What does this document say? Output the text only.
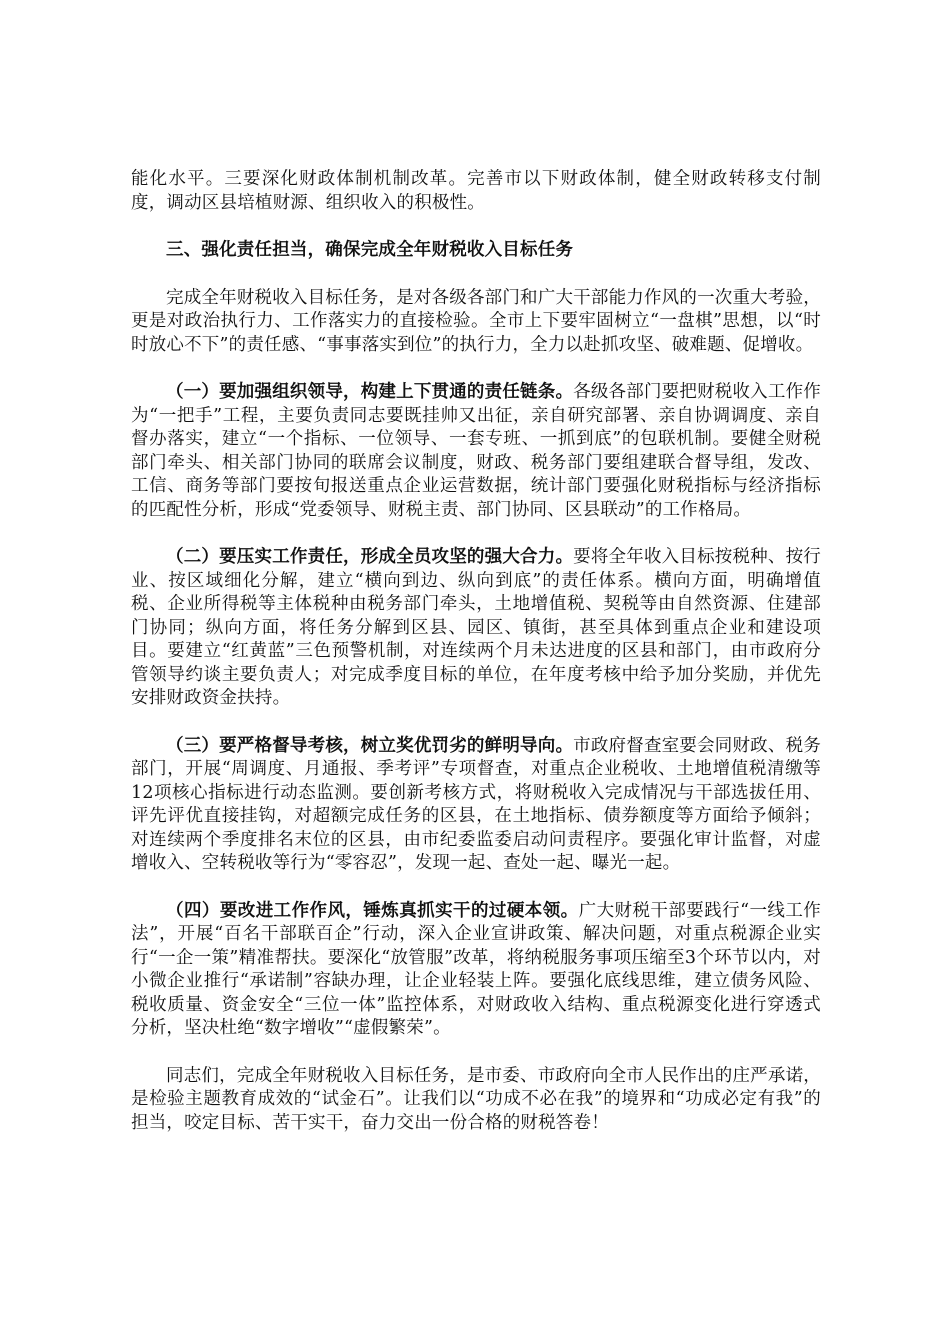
能化水平。三要深化财政体制机制改革。完善市以下财政体制，健全财政转移支付制度，调动区县培植财源、组织收入的积极性。

三、强化责任担当，确保完成全年财税收入目标任务

完成全年财税收入目标任务，是对各级各部门和广大干部能力作风的一次重大考验，更是对政治执行力、工作落实力的直接检验。全市上下要牢固树立“一盘棋”思想，以“时时放心不下”的责任感、“事事落实到位”的执行力，全力以赴抓攻坚、破难题、促增收。

（一）要加强组织领导，构建上下贯通的责任链条。各级各部门要把财税收入工作作为“一把手”工程，主要负责同志要既挂帅又出征，亲自研究部署、亲自协调调度、亲自督办落实，建立“一个指标、一位领导、一套专班、一抓到底”的包联机制。要健全财税部门牵头、相关部门协同的联席会议制度，财政、税务部门要组建联合督导组，发改、工信、商务等部门要按旬报送重点企业运营数据，统计部门要强化财税指标与经济指标的匹配性分析，形成“党委领导、财税主责、部门协同、区县联动”的工作格局。

（二）要压实工作责任，形成全员攻坚的强大合力。要将全年收入目标按税种、按行业、按区域细化分解，建立“横向到边、纵向到底”的责任体系。横向方面，明确增值税、企业所得税等主体税种由税务部门牵头，土地增值税、契税等由自然资源、住建部门协同；纵向方面，将任务分解到区县、园区、镇街，甚至具体到重点企业和建设项目。要建立“红黄蓝”三色预警机制，对连续两个月未达进度的区县和部门，由市政府分管领导约谈主要负责人；对完成季度目标的单位，在年度考核中给予加分奖励，并优先安排财政资金扶持。

（三）要严格督导考核，树立奖优罚劣的鲜明导向。市政府督查室要会同财政、税务部门，开展“周调度、月通报、季考评”专项督查，对重点企业税收、土地增值税清缴等12项核心指标进行动态监测。要创新考核方式，将财税收入完成情况与干部选拔任用、评先评优直接挂钩，对超额完成任务的区县，在土地指标、债券额度等方面给予倾斜；对连续两个季度排名末位的区县，由市纪委监委启动问责程序。要强化审计监督，对虚增收入、空转税收等行为“零容忍”，发现一起、查处一起、曝光一起。

（四）要改进工作作风，锤炼真抓实干的过硬本领。广大财税干部要践行“一线工作法”，开展“百名干部联百企”行动，深入企业宣讲政策、解决问题，对重点税源企业实行“一企一策”精准帮扶。要深化“放管服”改革，将纳税服务事项压缩至3个环节以内，对小微企业推行“承诺制”容缺办理，让企业轻装上阵。要强化底线思维，建立债务风险、税收质量、资金安全“三位一体”监控体系，对财政收入结构、重点税源变化进行穿透式分析，坚决杜绝“数字增收”“虚假繁荣”。

同志们，完成全年财税收入目标任务，是市委、市政府向全市人民作出的庄严承诺，是检验主题教育成效的“试金石”。让我们以“功成不必在我”的境界和“功成必定有我”的担当，咬定目标、苦干实干，奋力交出一份合格的财税答卷！
